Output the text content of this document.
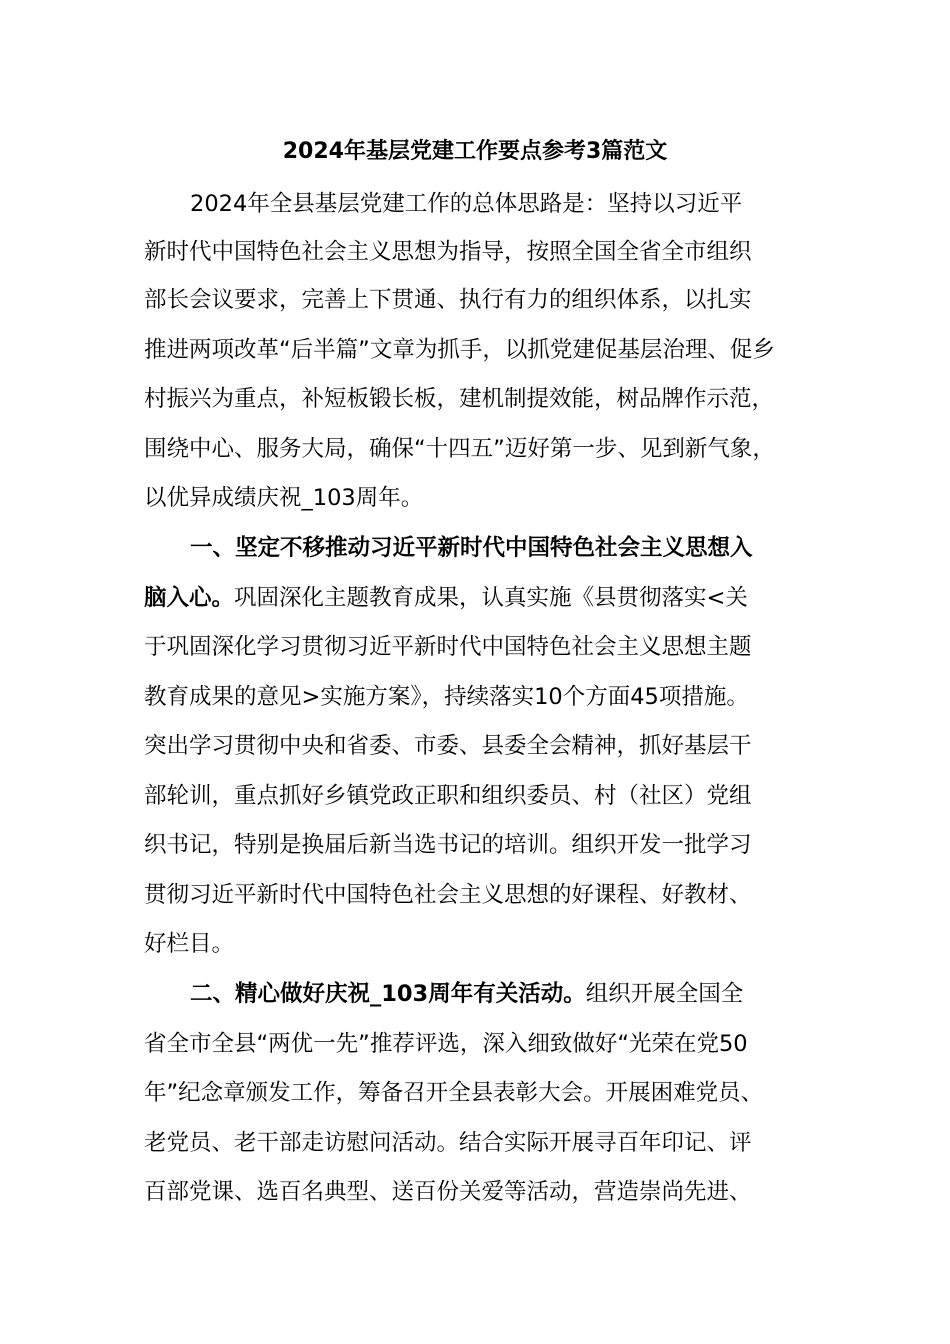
2024年基层党建工作要点参考3篇范文
2024年全县基层党建工作的总体思路是：坚持以习近平
新时代中国特色社会主义思想为指导，按照全国全省全市组织
部长会议要求，完善上下贯通、执行有力的组织体系，以扎实
推进两项改革“后半篇”文章为抓手，以抓党建促基层治理、促乡
村振兴为重点，补短板锻长板，建机制提效能，树品牌作示范，
围绕中心、服务大局，确保“十四五”迈好第一步、见到新气象，
以优异成绩庆祝_103周年。
一、坚定不移推动习近平新时代中国特色社会主义思想入
脑入心。巩固深化主题教育成果，认真实施《县贯彻落实<关
于巩固深化学习贯彻习近平新时代中国特色社会主义思想主题
教育成果的意见>实施方案》，持续落实10个方面45项措施。
突出学习贯彻中央和省委、市委、县委全会精神，抓好基层干
部轮训，重点抓好乡镇党政正职和组织委员、村（社区）党组
织书记，特别是换届后新当选书记的培训。组织开发一批学习
贯彻习近平新时代中国特色社会主义思想的好课程、好教材、
好栏目。
二、精心做好庆祝_103周年有关活动。组织开展全国全
省全市全县“两优一先”推荐评选，深入细致做好“光荣在党50
年”纪念章颁发工作，筹备召开全县表彰大会。开展困难党员、
老党员、老干部走访慰问活动。结合实际开展寻百年印记、评
百部党课、选百名典型、送百份关爱等活动，营造崇尚先进、
